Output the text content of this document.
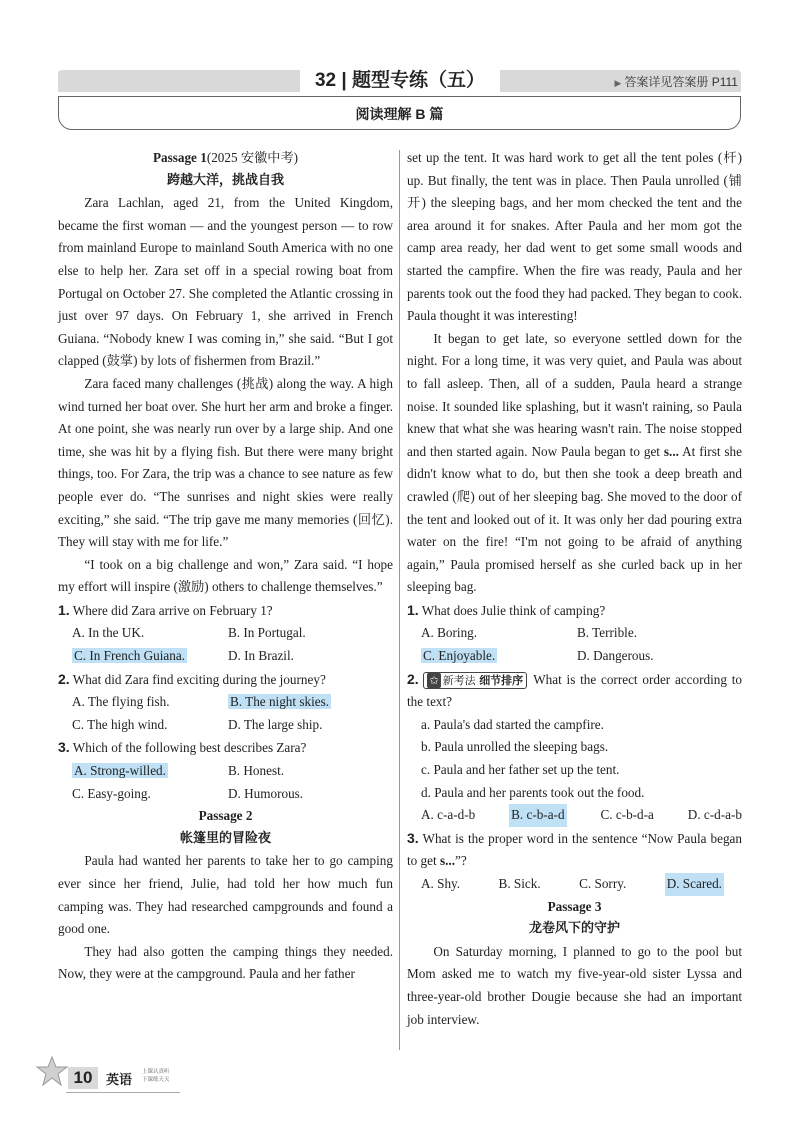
32 | 题型专练（五）	▶ 答案详见答案册 P111
阅读理解 B 篇

Passage 1(2025 安徽中考)

跨越大洋，挑战自我

Zara Lachlan, aged 21, from the United Kingdom, became the first woman — and the youngest person — to row from mainland Europe to mainland South America with no one else to help her. Zara set off in a special rowing boat from Portugal on October 27. She completed the Atlantic crossing in just over 97 days. On February 1, she arrived in French Guiana. “Nobody knew I was coming in,” she said. “But I got clapped (鼓掌) by lots of fishermen from Brazil.”

Zara faced many challenges (挑战) along the way. A high wind turned her boat over. She hurt her arm and broke a finger. At one point, she was nearly run over by a large ship. And one time, she was hit by a flying fish. But there were many bright things, too. For Zara, the trip was a chance to see nature as few people ever do. “The sunrises and night skies were really exciting,” she said. “The trip gave me many memories (回忆). They will stay with me for life.”

“I took on a big challenge and won,” Zara said. “I hope my effort will inspire (激励) others to challenge themselves.”

1. Where did Zara arrive on February 1?

A. In the UK.	B. In Portugal.
C. In French Guiana.	D. In Brazil.

2. What did Zara find exciting during the journey?

A. The flying fish.	B. The night skies.
C. The high wind.	D. The large ship.

3. Which of the following best describes Zara?

A. Strong-willed.	B. Honest.
C. Easy-going.	D. Humorous.

Passage 2

帐篷里的冒险夜

Paula had wanted her parents to take her to go camping ever since her friend, Julie, had told her how much fun camping was. They had researched campgrounds and found a good one.

They had also gotten the camping things they needed. Now, they were at the campground. Paula and her father

set up the tent. It was hard work to get all the tent poles (杆) up. But finally, the tent was in place. Then Paula unrolled (铺开) the sleeping bags, and her mom checked the tent and the area around it for snakes. After Paula and her mom got the camp area ready, her dad went to get some small woods and started the campfire. When the fire was ready, Paula and her parents took out the food they had packed. They began to cook. Paula thought it was interesting!

It began to get late, so everyone settled down for the night. For a long time, it was very quiet, and Paula was about to fall asleep. Then, all of a sudden, Paula heard a strange noise. It sounded like splashing, but it wasn't raining, so Paula knew that what she was hearing wasn't rain. The noise stopped and then started again. Now Paula began to get s... At first she didn't know what to do, but then she took a deep breath and crawled (爬) out of her sleeping bag. She moved to the door of the tent and looked out of it. It was only her dad pouring extra water on the fire! “I'm not going to be afraid of anything again,” Paula promised herself as she curled back up in her sleeping bag.

1. What does Julie think of camping?

A. Boring.	B. Terrible.
C. Enjoyable.	D. Dangerous.

2. ✩ 新考法 细节排序 What is the correct order according to the text?

a. Paula's dad started the campfire.

b. Paula unrolled the sleeping bags.

c. Paula and her father set up the tent.

d. Paula and her parents took out the food.

A. c-a-d-b	B. c-b-a-d	C. c-b-d-a	D. c-d-a-b

3. What is the proper word in the sentence “Now Paula began to get s...”?

A. Shy.	B. Sick.	C. Sorry.	D. Scared.

Passage 3

龙卷风下的守护

On Saturday morning, I planned to go to the pool but Mom asked me to watch my five-year-old sister Lyssa and three-year-old brother Dougie because she had an important job interview.

10	英语
上课认真听
下课练天天
